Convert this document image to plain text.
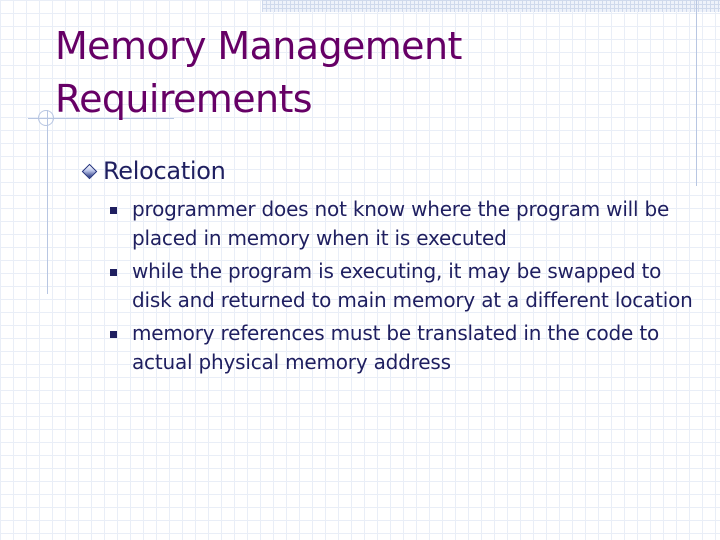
Memory Management
Requirements
Relocation
programmer does not know where the program will be placed in memory when it is executed
while the program is executing, it may be swapped to disk and returned to main memory at a different location
memory references must be translated in the code to actual physical memory address
